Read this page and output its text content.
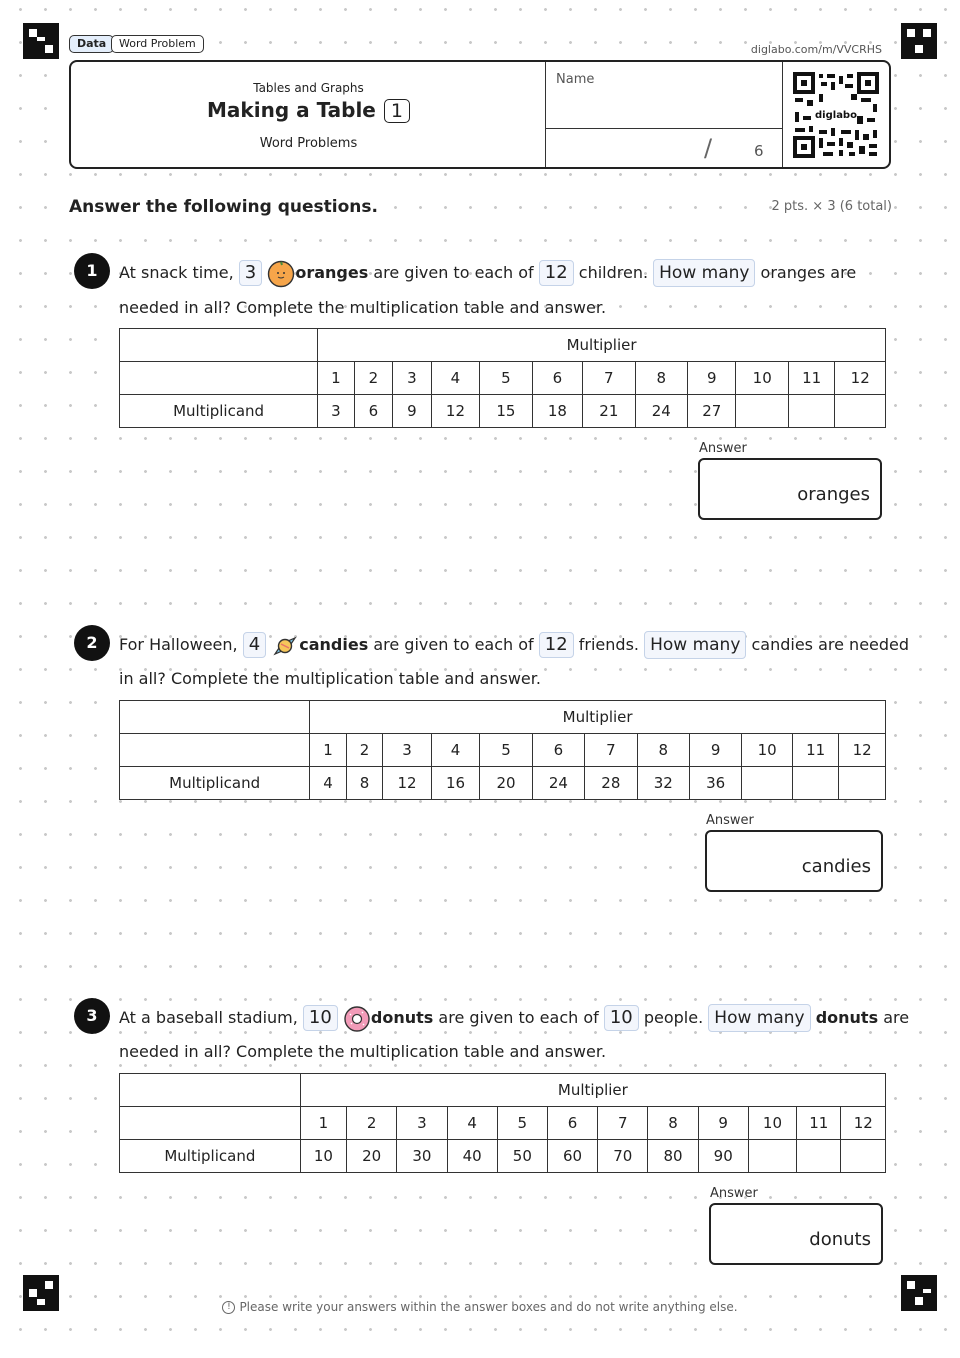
Data	Word Problem	diglabo.com/m/VVCRHS
Tables and Graphs
Making a Table 1
Word Problems
Name
/	6
diglabo
Answer the following questions.	2 pts. × 3 (6 total)
1	At snack time, 3 oranges are given to each of 12 children. How many oranges are
needed in all? Complete the multiplication table and answer.
	Multiplier											
	1	2	3	4	5	6	7	8	9	10	11	12
Multiplicand	3	6	9	12	15	18	21	24	27			
Answer
oranges
2	For Halloween, 4 candies are given to each of 12 friends. How many candies are needed
in all? Complete the multiplication table and answer.
	Multiplier											
	1	2	3	4	5	6	7	8	9	10	11	12
Multiplicand	4	8	12	16	20	24	28	32	36			
Answer
candies
3	At a baseball stadium, 10 donuts are given to each of 10 people. How many donuts are
needed in all? Complete the multiplication table and answer.
	Multiplier											
	1	2	3	4	5	6	7	8	9	10	11	12
Multiplicand	10	20	30	40	50	60	70	80	90			
Answer
donuts
! Please write your answers within the answer boxes and do not write anything else.
